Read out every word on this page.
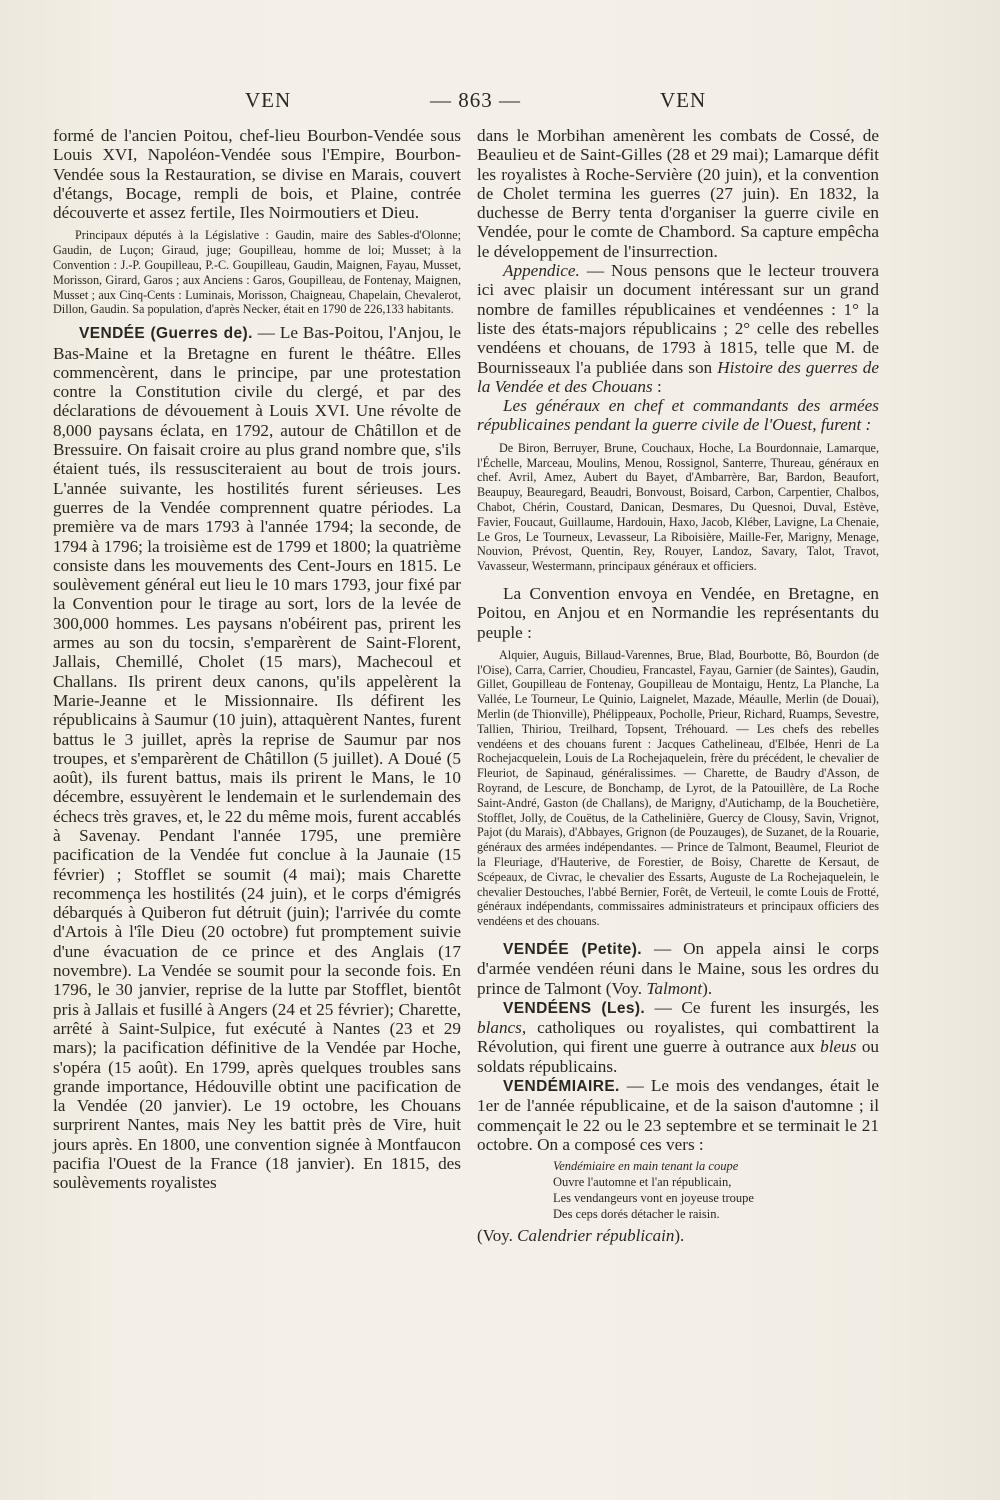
VEN	— 863 —	VEN

formé de l'ancien Poitou, chef-lieu Bourbon-Vendée sous Louis XVI, Napoléon-Vendée sous l'Empire, Bourbon-Vendée sous la Restauration, se divise en Marais, couvert d'étangs, Bocage, rempli de bois, et Plaine, contrée découverte et assez fertile, Iles Noirmoutiers et Dieu.

Principaux députés à la Législative : Gaudin, maire des Sables-d'Olonne; Gaudin, de Luçon; Giraud, juge; Goupilleau, homme de loi; Musset; à la Convention : J.-P. Goupilleau, P.-C. Goupilleau, Gaudin, Maignen, Fayau, Musset, Morisson, Girard, Garos ; aux Anciens : Garos, Goupilleau, de Fontenay, Maignen, Musset ; aux Cinq-Cents : Luminais, Morisson, Chaigneau, Chapelain, Chevalerot, Dillon, Gaudin. Sa population, d'après Necker, était en 1790 de 226,133 habitants.

VENDÉE (Guerres de). — Le Bas-Poitou, l'Anjou, le Bas-Maine et la Bretagne en furent le théâtre. Elles commencèrent, dans le principe, par une protestation contre la Constitution civile du clergé, et par des déclarations de dévouement à Louis XVI. Une révolte de 8,000 paysans éclata, en 1792, autour de Châtillon et de Bressuire. On faisait croire au plus grand nombre que, s'ils étaient tués, ils ressusciteraient au bout de trois jours. L'année suivante, les hostilités furent sérieuses. Les guerres de la Vendée comprennent quatre périodes. La première va de mars 1793 à l'année 1794; la seconde, de 1794 à 1796; la troisième est de 1799 et 1800; la quatrième consiste dans les mouvements des Cent-Jours en 1815. Le soulèvement général eut lieu le 10 mars 1793, jour fixé par la Convention pour le tirage au sort, lors de la levée de 300,000 hommes. Les paysans n'obéirent pas, prirent les armes au son du tocsin, s'emparèrent de Saint-Florent, Jallais, Chemillé, Cholet (15 mars), Machecoul et Challans. Ils prirent deux canons, qu'ils appelèrent la Marie-Jeanne et le Missionnaire. Ils défirent les républicains à Saumur (10 juin), attaquèrent Nantes, furent battus le 3 juillet, après la reprise de Saumur par nos troupes, et s'emparèrent de Châtillon (5 juillet). A Doué (5 août), ils furent battus, mais ils prirent le Mans, le 10 décembre, essuyèrent le lendemain et le surlendemain des échecs très graves, et, le 22 du même mois, furent accablés à Savenay. Pendant l'année 1795, une première pacification de la Vendée fut conclue à la Jaunaie (15 février) ; Stofflet se soumit (4 mai); mais Charette recommença les hostilités (24 juin), et le corps d'émigrés débarqués à Quiberon fut détruit (juin); l'arrivée du comte d'Artois à l'île Dieu (20 octobre) fut promptement suivie d'une évacuation de ce prince et des Anglais (17 novembre). La Vendée se soumit pour la seconde fois. En 1796, le 30 janvier, reprise de la lutte par Stofflet, bientôt pris à Jallais et fusillé à Angers (24 et 25 février); Charette, arrêté à Saint-Sulpice, fut exécuté à Nantes (23 et 29 mars); la pacification définitive de la Vendée par Hoche, s'opéra (15 août). En 1799, après quelques troubles sans grande importance, Hédouville obtint une pacification de la Vendée (20 janvier). Le 19 octobre, les Chouans surprirent Nantes, mais Ney les battit près de Vire, huit jours après. En 1800, une convention signée à Montfaucon pacifia l'Ouest de la France (18 janvier). En 1815, des soulèvements royalistes

dans le Morbihan amenèrent les combats de Cossé, de Beaulieu et de Saint-Gilles (28 et 29 mai); Lamarque défit les royalistes à Roche-Servière (20 juin), et la convention de Cholet termina les guerres (27 juin). En 1832, la duchesse de Berry tenta d'organiser la guerre civile en Vendée, pour le comte de Chambord. Sa capture empêcha le développement de l'insurrection.

Appendice. — Nous pensons que le lecteur trouvera ici avec plaisir un document intéressant sur un grand nombre de familles républicaines et vendéennes : 1° la liste des états-majors républicains ; 2° celle des rebelles vendéens et chouans, de 1793 à 1815, telle que M. de Bournisseaux l'a publiée dans son Histoire des guerres de la Vendée et des Chouans :

Les généraux en chef et commandants des armées républicaines pendant la guerre civile de l'Ouest, furent :

De Biron, Berruyer, Brune, Couchaux, Hoche, La Bourdonnaie, Lamarque, l'Échelle, Marceau, Moulins, Menou, Rossignol, Santerre, Thureau, généraux en chef. Avril, Amez, Aubert du Bayet, d'Ambarrère, Bar, Bardon, Beaufort, Beaupuy, Beauregard, Beaudri, Bonvoust, Boisard, Carbon, Carpentier, Chalbos, Chabot, Chérin, Coustard, Danican, Desmares, Du Quesnoi, Duval, Estève, Favier, Foucaut, Guillaume, Hardouin, Haxo, Jacob, Kléber, Lavigne, La Chenaie, Le Gros, Le Tourneux, Levasseur, La Riboisière, Maille-Fer, Marigny, Menage, Nouvion, Prévost, Quentin, Rey, Rouyer, Landoz, Savary, Talot, Travot, Vavasseur, Westermann, principaux généraux et officiers.

La Convention envoya en Vendée, en Bretagne, en Poitou, en Anjou et en Normandie les représentants du peuple :

Alquier, Auguis, Billaud-Varennes, Brue, Blad, Bourbotte, Bô, Bourdon (de l'Oise), Carra, Carrier, Choudieu, Francastel, Fayau, Garnier (de Saintes), Gaudin, Gillet, Goupilleau de Fontenay, Goupilleau de Montaigu, Hentz, La Planche, La Vallée, Le Tourneur, Le Quinio, Laignelet, Mazade, Méaulle, Merlin (de Douai), Merlin (de Thionville), Phélippeaux, Pocholle, Prieur, Richard, Ruamps, Sevestre, Tallien, Thiriou, Treilhard, Topsent, Tréhouard. — Les chefs des rebelles vendéens et des chouans furent : Jacques Cathelineau, d'Elbée, Henri de La Rochejacquelein, Louis de La Rochejaquelein, frère du précédent, le chevalier de Fleuriot, de Sapinaud, généralissimes. — Charette, de Baudry d'Asson, de Royrand, de Lescure, de Bonchamp, de Lyrot, de la Patouillère, de La Roche Saint-André, Gaston (de Challans), de Marigny, d'Autichamp, de la Bouchetière, Stofflet, Jolly, de Couëtus, de la Cathelinière, Guercy de Clousy, Savin, Vrignot, Pajot (du Marais), d'Abbayes, Grignon (de Pouzauges), de Suzanet, de la Rouarie, généraux des armées indépendantes. — Prince de Talmont, Beaumel, Fleuriot de la Fleuriage, d'Hauterive, de Forestier, de Boisy, Charette de Kersaut, de Scépeaux, de Civrac, le chevalier des Essarts, Auguste de La Rochejaquelein, le chevalier Destouches, l'abbé Bernier, Forêt, de Verteuil, le comte Louis de Frotté, généraux indépendants, commissaires administrateurs et principaux officiers des vendéens et des chouans.

VENDÉE (Petite). — On appela ainsi le corps d'armée vendéen réuni dans le Maine, sous les ordres du prince de Talmont (Voy. Talmont).

VENDÉENS (Les). — Ce furent les insurgés, les blancs, catholiques ou royalistes, qui combattirent la Révolution, qui firent une guerre à outrance aux bleus ou soldats républicains.

VENDÉMIAIRE. — Le mois des vendanges, était le 1er de l'année républicaine, et de la saison d'automne ; il commençait le 22 ou le 23 septembre et se terminait le 21 octobre. On a composé ces vers :

Vendémiaire en main tenant la coupe
Ouvre l'automne et l'an républicain,
Les vendangeurs vont en joyeuse troupe
Des ceps dorés détacher le raisin.

(Voy. Calendrier républicain).
